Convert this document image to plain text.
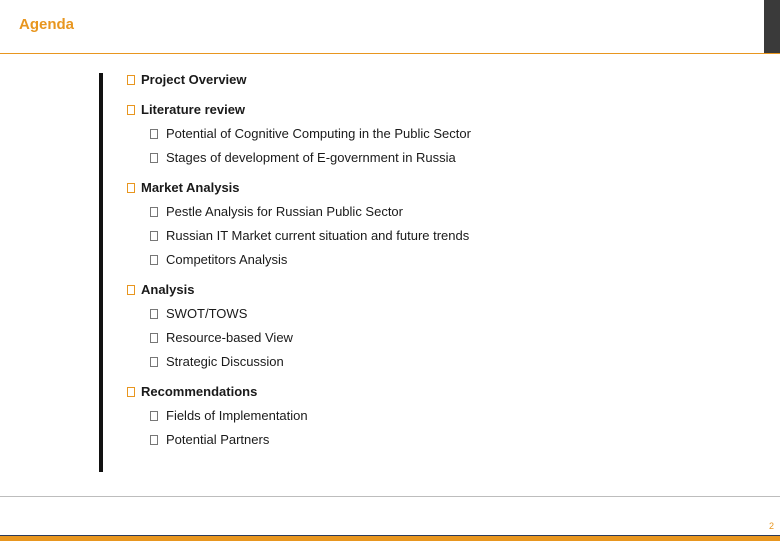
Agenda
Project Overview
Literature review
Potential of Cognitive Computing in the Public Sector
Stages of development of E-government in Russia
Market Analysis
Pestle Analysis for Russian Public Sector
Russian IT Market current situation and future trends
Competitors Analysis
Analysis
SWOT/TOWS
Resource-based View
Strategic Discussion
Recommendations
Fields of Implementation
Potential Partners
2
